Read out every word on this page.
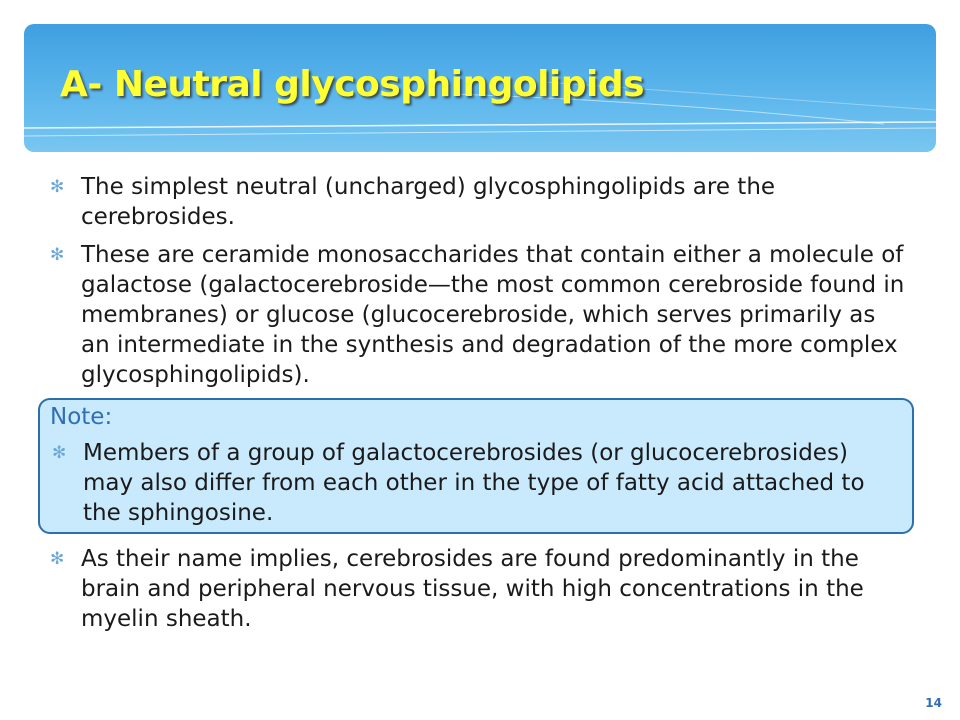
A- Neutral glycosphingolipids
✻ The simplest neutral (uncharged) glycosphingolipids are the cerebrosides.
✻ These are ceramide monosaccharides that contain either a molecule of galactose (galactocerebroside—the most common cerebroside found in membranes) or glucose (glucocerebroside, which serves primarily as an intermediate in the synthesis and degradation of the more complex glycosphingolipids).
Note:
✻ Members of a group of galactocerebrosides (or glucocerebrosides) may also differ from each other in the type of fatty acid attached to the sphingosine.
✻ As their name implies, cerebrosides are found predominantly in the brain and peripheral nervous tissue, with high concentrations in the myelin sheath.
14
